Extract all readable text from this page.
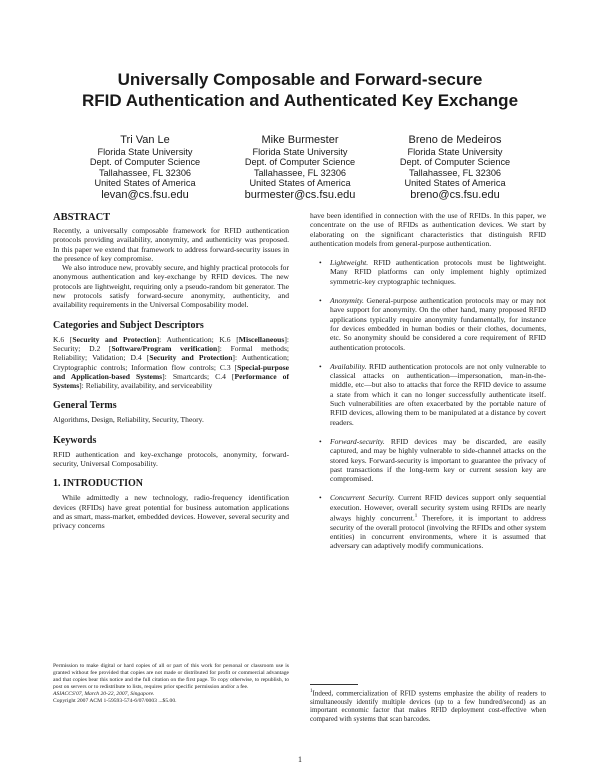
Universally Composable and Forward-secure
RFID Authentication and Authenticated Key Exchange
Tri Van Le
Florida State University
Dept. of Computer Science
Tallahassee, FL 32306
United States of America
levan@cs.fsu.edu
Mike Burmester
Florida State University
Dept. of Computer Science
Tallahassee, FL 32306
United States of America
burmester@cs.fsu.edu
Breno de Medeiros
Florida State University
Dept. of Computer Science
Tallahassee, FL 32306
United States of America
breno@cs.fsu.edu
ABSTRACT

Recently, a universally composable framework for RFID authentication protocols providing availability, anonymity, and authenticity was proposed. In this paper we extend that framework to address forward-security issues in the presence of key compromise.

We also introduce new, provably secure, and highly practical protocols for anonymous authentication and key-exchange by RFID devices. The new protocols are lightweight, requiring only a pseudo-random bit generator. The new protocols satisfy forward-secure anonymity, authenticity, and availability requirements in the Universal Composability model.

Categories and Subject Descriptors

K.6 [Security and Protection]: Authentication; K.6 [Miscellaneous]: Security; D.2 [Software/Program verification]: Formal methods; Reliability; Validation; D.4 [Security and Protection]: Authentication; Cryptographic controls; Information flow controls; C.3 [Special-purpose and Application-based Systems]: Smartcards; C.4 [Performance of Systems]: Reliability, availability, and serviceability

General Terms

Algorithms, Design, Reliability, Security, Theory.

Keywords

RFID authentication and key-exchange protocols, anonymity, forward-security, Universal Composability.

1. INTRODUCTION

While admittedly a new technology, radio-frequency identification devices (RFIDs) have great potential for business automation applications and as smart, mass-market, embedded devices. However, several security and privacy concerns

Permission to make digital or hard copies of all or part of this work for personal or classroom use is granted without fee provided that copies are not made or distributed for profit or commercial advantage and that copies bear this notice and the full citation on the first page. To copy otherwise, to republish, to post on servers or to redistribute to lists, requires prior specific permission and/or a fee.
ASIACCS'07, March 20-22, 2007, Singapore.
Copyright 2007 ACM 1-59593-574-6/07/0003 ...$5.00.

have been identified in connection with the use of RFIDs. In this paper, we concentrate on the use of RFIDs as authentication devices. We start by elaborating on the significant characteristics that distinguish RFID authentication models from general-purpose authentication.

• Lightweight. RFID authentication protocols must be lightweight. Many RFID platforms can only implement highly optimized symmetric-key cryptographic techniques.
• Anonymity. General-purpose authentication protocols may or may not have support for anonymity. On the other hand, many proposed RFID applications typically require anonymity fundamentally, for instance for devices embedded in human bodies or their clothes, documents, etc. So anonymity should be considered a core requirement of RFID authentication protocols.
• Availability. RFID authentication protocols are not only vulnerable to classical attacks on authentication—impersonation, man-in-the-middle, etc—but also to attacks that force the RFID device to assume a state from which it can no longer successfully authenticate itself. Such vulnerabilities are often exacerbated by the portable nature of RFID devices, allowing them to be manipulated at a distance by covert readers.
• Forward-security. RFID devices may be discarded, are easily captured, and may be highly vulnerable to side-channel attacks on the stored keys. Forward-security is important to guarantee the privacy of past transactions if the long-term key or current session key are compromised.
• Concurrent Security. Current RFID devices support only sequential execution. However, overall security system using RFIDs are nearly always highly concurrent.$^1$ Therefore, it is important to address security of the overall protocol (involving the RFIDs and other system entities) in concurrent environments, where it is assumed that adversary can adaptively modify communications.
$^1$Indeed, commercialization of RFID systems emphasize the ability of readers to simultaneously identify multiple devices (up to a few hundred/second) as an important economic factor that makes RFID deployment cost-effective when compared with systems that scan barcodes.
1
